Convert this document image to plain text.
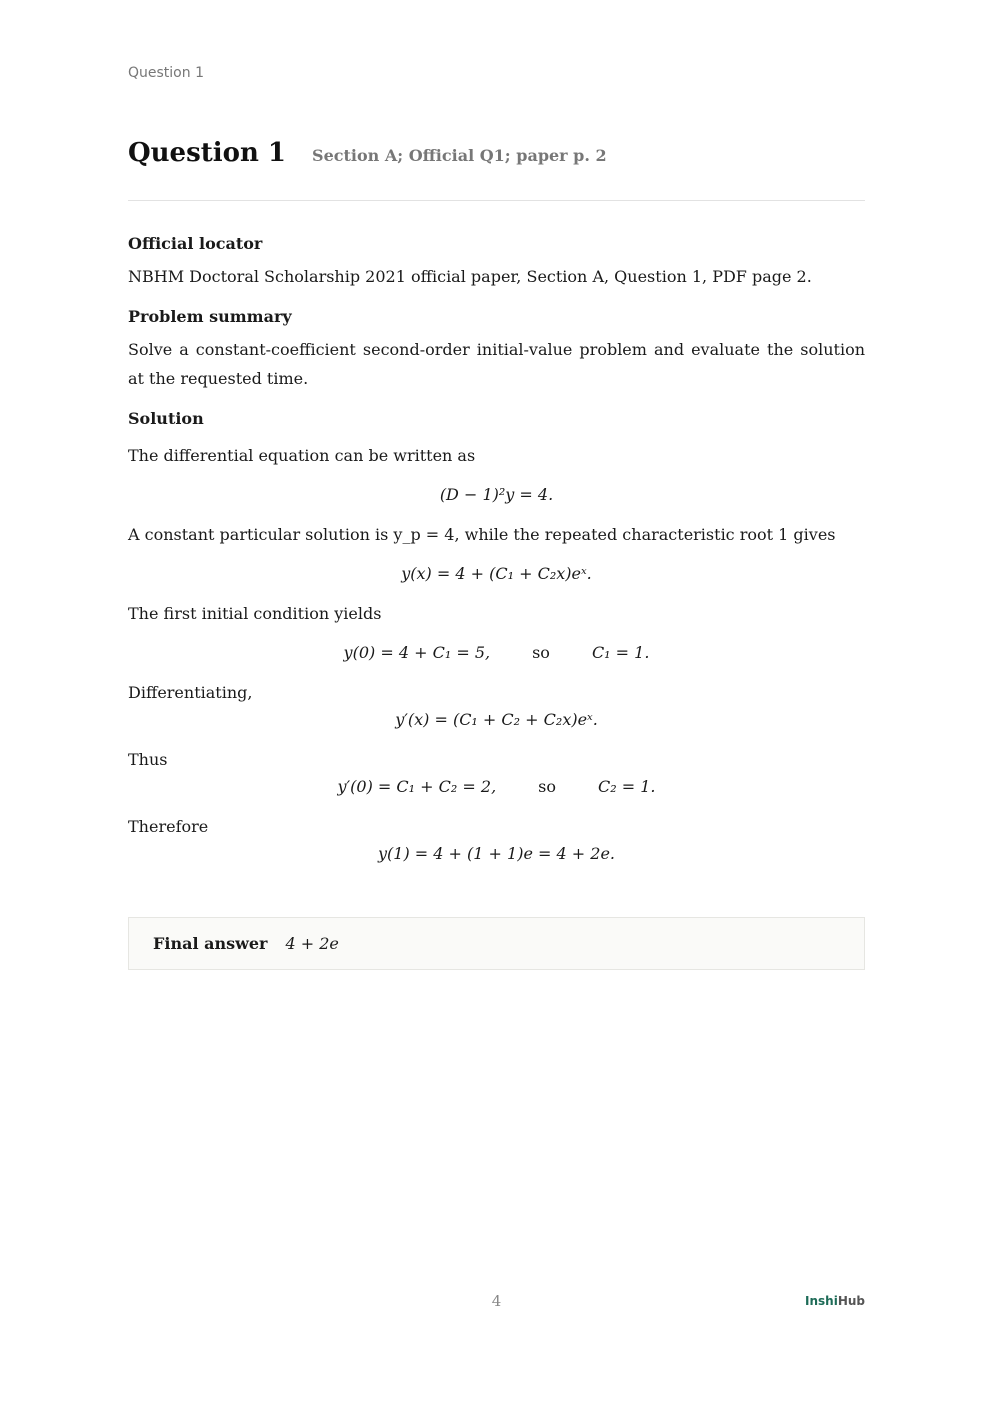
Question 1
Question 1 Section A; Official Q1; paper p. 2

Official locator

NBHM Doctoral Scholarship 2021 official paper, Section A, Question 1, PDF page 2.

Problem summary

Solve a constant-coefficient second-order initial-value problem and evaluate the solution at the requested time.

Solution

The differential equation can be written as

(D − 1)²y = 4.

A constant particular solution is y_p = 4, while the repeated characteristic root 1 gives

y(x) = 4 + (C₁ + C₂x)eˣ.

The first initial condition yields

y(0) = 4 + C₁ = 5,	so	C₁ = 1.

Differentiating,

y′(x) = (C₁ + C₂ + C₂x)eˣ.

Thus

y′(0) = C₁ + C₂ = 2,	so	C₂ = 1.

Therefore

y(1) = 4 + (1 + 1)e = 4 + 2e.
Final answer 4 + 2e
4	InshiHub
